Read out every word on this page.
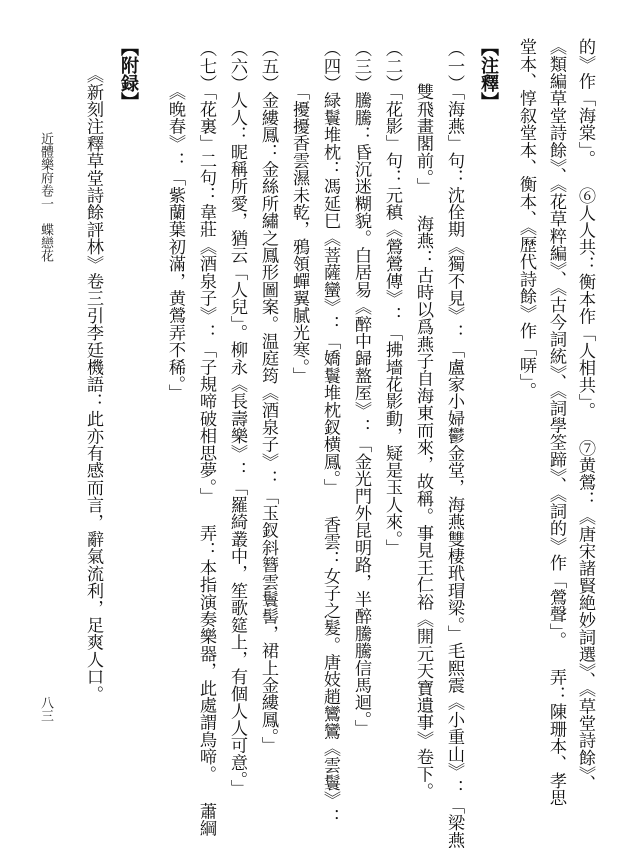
的》作「海棠」。 ⑥人人共：衡本作「人相共」。 ⑦黄鶯：《唐宋諸賢絶妙詞選》、《草堂詩餘》、
《類編草堂詩餘》、《花草粹編》、《古今詞統》、《詞學筌蹄》、《詞的》作「鶯聲」。 弄：陳珊本、孝思
堂本、惇叙堂本、衡本、《歷代詩餘》作「哢」。
【注釋】
（一）「海燕」句：沈佺期《獨不見》：「盧家小婦鬱金堂，海燕雙棲玳瑁梁。」毛熙震《小重山》：「梁燕
雙飛畫閣前。」 海燕：古時以爲燕子自海東而來，故稱。事見王仁裕《開元天寶遺事》卷下。
（二）「花影」句：元稹《鶯鶯傳》：「拂墻花影動，疑是玉人來。」
（三）騰騰：昏沉迷糊貌。白居易《醉中歸盩厔》：「金光門外昆明路，半醉騰騰信馬迴。」
（四）緑鬟堆枕：馮延巳《菩薩蠻》：「嬌鬟堆枕釵横鳳。」 香雲：女子之髮。唐妓趙鸞鸞《雲鬟》：
「擾擾香雲濕未乾，鴉領蟬翼膩光寒。」
（五）金縷鳳：金絲所繡之鳳形圖案。温庭筠《酒泉子》：「玉釵斜簪雲鬟髻，裙上金縷鳳。」
（六）人人：昵稱所愛，猶云「人兒」。柳永《長壽樂》：「羅綺叢中，笙歌筵上，有個人人可意。」
（七）「花裏」二句：韋莊《酒泉子》：「子規啼破相思夢。」 弄：本指演奏樂器，此處謂鳥啼。 蕭綱
《晚春》：「紫蘭葉初滿，黄鶯弄不稀。」
【附録】
《新刻注釋草堂詩餘評林》卷三引李廷機語：此亦有感而言，辭氣流利，足爽人口。
近體樂府卷一　蝶戀花
八三
